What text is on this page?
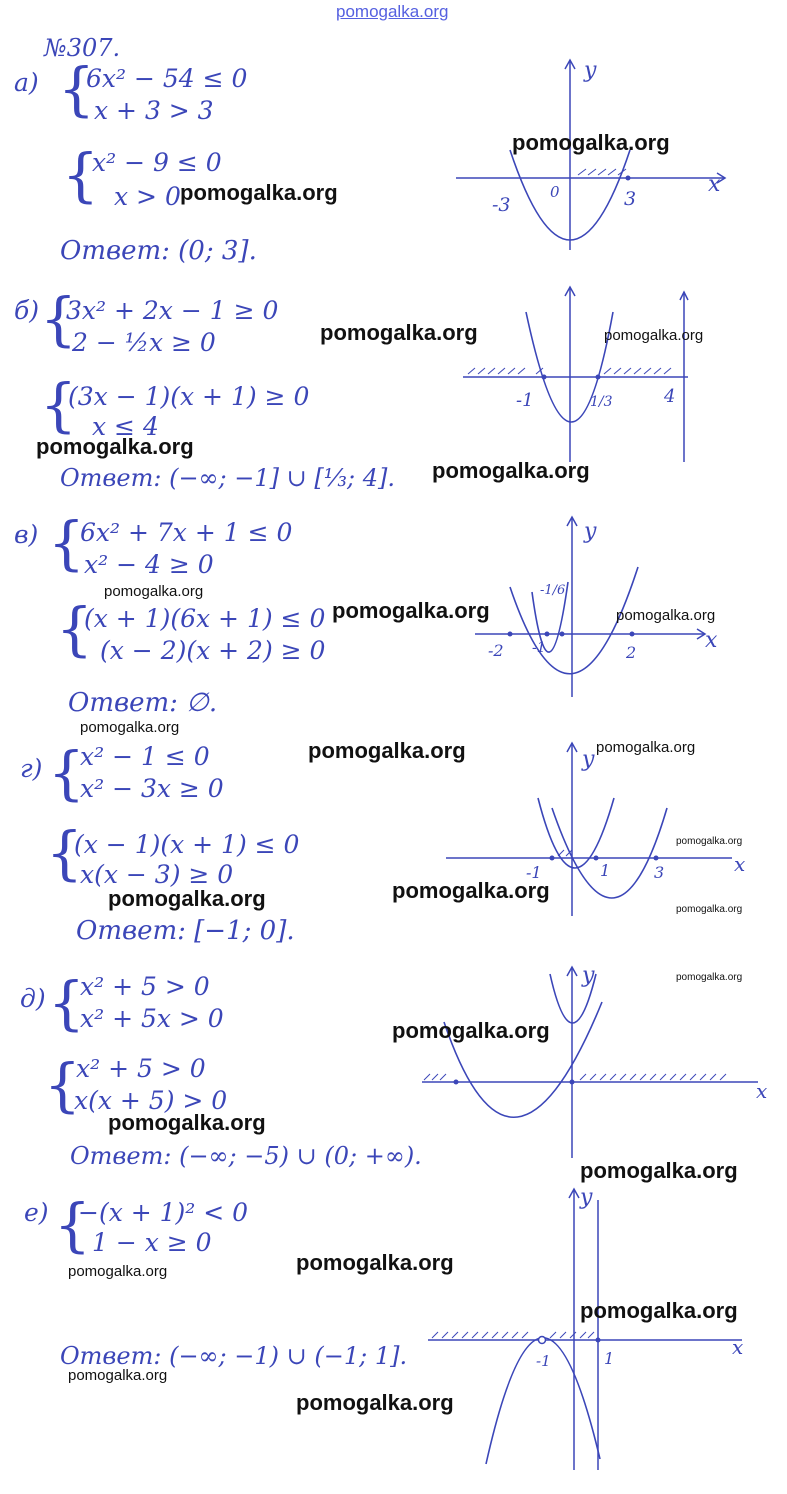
pomogalka.org
№307.
а) {
6x² − 54 ≤ 0
x + 3 > 3
{
x² − 9 ≤ 0
x > 0
Ответ: (0; 3].
x
y
-3
0	3
б) {
3x² + 2x − 1 ≥ 0
2 − ½x ≥ 0
{
(3x − 1)(x + 1) ≥ 0
x ≤ 4
Ответ: (−∞; −1] ∪ [⅓; 4].
-1	1/3	4
в) {
6x² + 7x + 1 ≤ 0
x² − 4 ≥ 0
{
(x + 1)(6x + 1) ≤ 0
(x − 2)(x + 2) ≥ 0
Ответ: ∅.
x
y
-2 -1	2
-1/6
г) {
x² − 1 ≤ 0
x² − 3x ≥ 0
{
(x − 1)(x + 1) ≤ 0
x(x − 3) ≥ 0
Ответ: [−1; 0].
x
y
-1	1	3
д) {
x² + 5 > 0
x² + 5x > 0
{
x² + 5 > 0
x(x + 5) > 0
Ответ: (−∞; −5) ∪ (0; +∞).
x
y
е) {
−(x + 1)² < 0
1 − x ≥ 0
Ответ: (−∞; −1) ∪ (−1; 1].	x
y
-1	1
pomogalka.org
pomogalka.org
pomogalka.org	pomogalka.org
pomogalka.org
pomogalka.org
pomogalka.org
pomogalka.org	pomogalka.org
pomogalka.org
pomogalka.org	pomogalka.org
pomogalka.org
pomogalka.org
pomogalka.org	pomogalka.org
pomogalka.org
pomogalka.org
pomogalka.org
pomogalka.org
pomogalka.org
pomogalka.org
pomogalka.org
pomogalka.org
pomogalka.org
